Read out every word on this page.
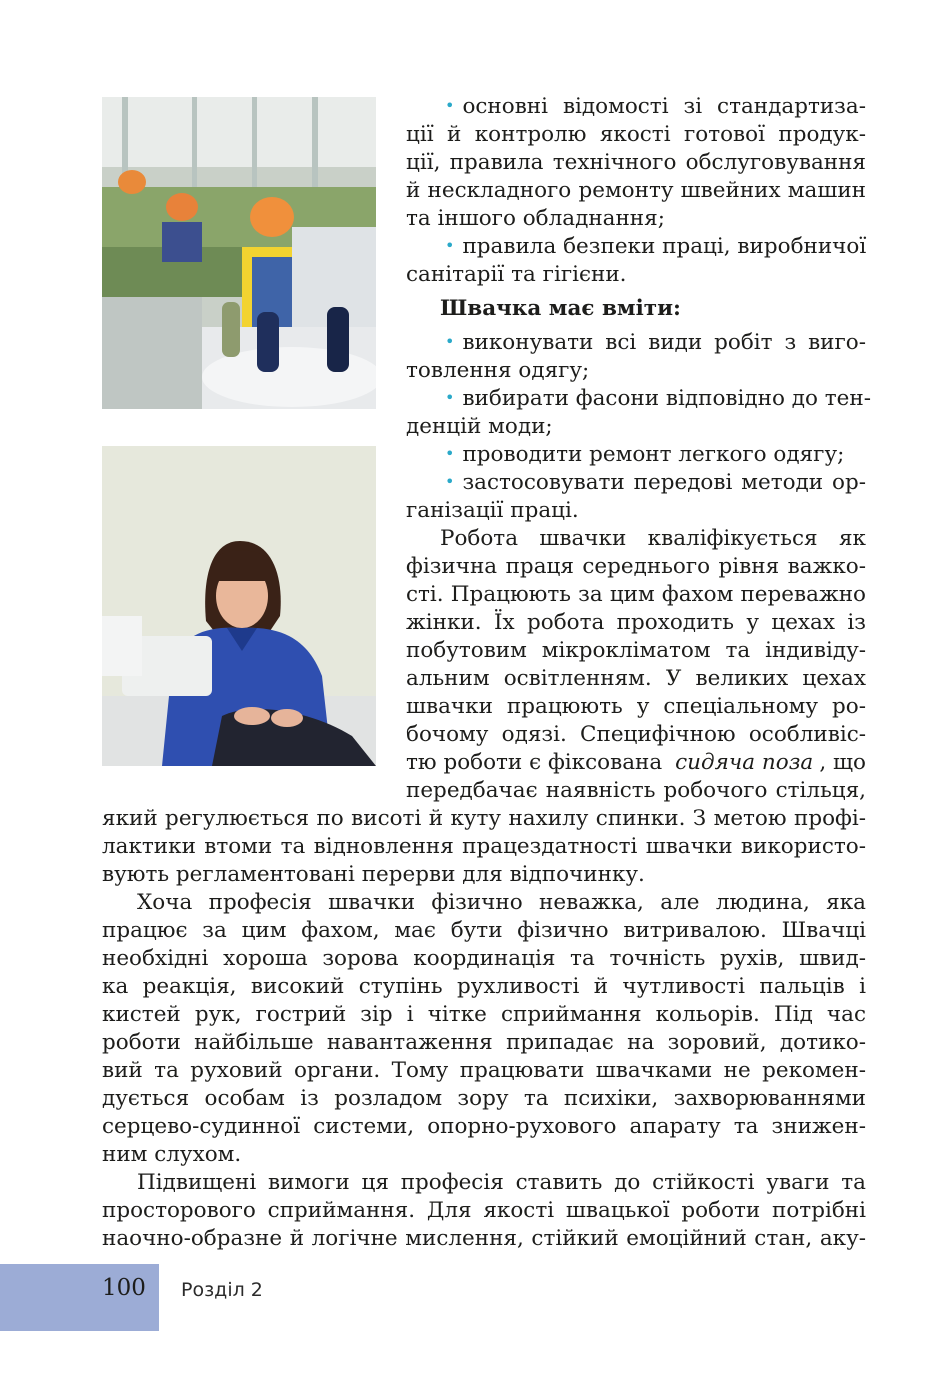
• основні відомості зі стандартиза-
ції й контролю якості готової продук-
ції, правила технічного обслуговування
й нескладного ремонту швейних машин
та іншого обладнання;
• правила безпеки праці, виробничої
санітарії та гігієни.
Швачка має вміти:
• виконувати всі види робіт з виго-
товлення одягу;
• вибирати фасони відповідно до тен-
денцій моди;
• проводити ремонт легкого одягу;
• застосовувати передові методи ор-
ганізації праці.
Робота швачки кваліфікується як
фізична праця середнього рівня важко-
сті. Працюють за цим фахом переважно
жінки. Їх робота проходить у цехах із
побутовим мікрокліматом та індивіду-
альним освітленням. У великих цехах
швачки працюють у спеціальному ро-
бочому одязі. Специфічною особливіс-
тю роботи є фіксована сидяча поза , що
передбачає наявність робочого стільця,
який регулюється по висоті й куту нахилу спинки. З метою профі-
лактики втоми та відновлення працездатності швачки використо-
вують регламентовані перерви для відпочинку.
Хоча професія швачки фізично неважка, але людина, яка
працює за цим фахом, має бути фізично витривалою. Швачці
необхідні хороша зорова координація та точність рухів, швид-
ка реакція, високий ступінь рухливості й чутливості пальців і
кистей рук, гострий зір і чітке сприймання кольорів. Під час
роботи найбільше навантаження припадає на зоровий, дотико-
вий та руховий органи. Тому працювати швачками не рекомен-
дується особам із розладом зору та психіки, захворюваннями
серцево-судинної системи, опорно-рухового апарату та знижен-
ним слухом.
Підвищені вимоги ця професія ставить до стійкості уваги та
просторового сприймання. Для якості швацької роботи потрібні
наочно-образне й логічне мислення, стійкий емоційний стан, аку-
100 Розділ 2
